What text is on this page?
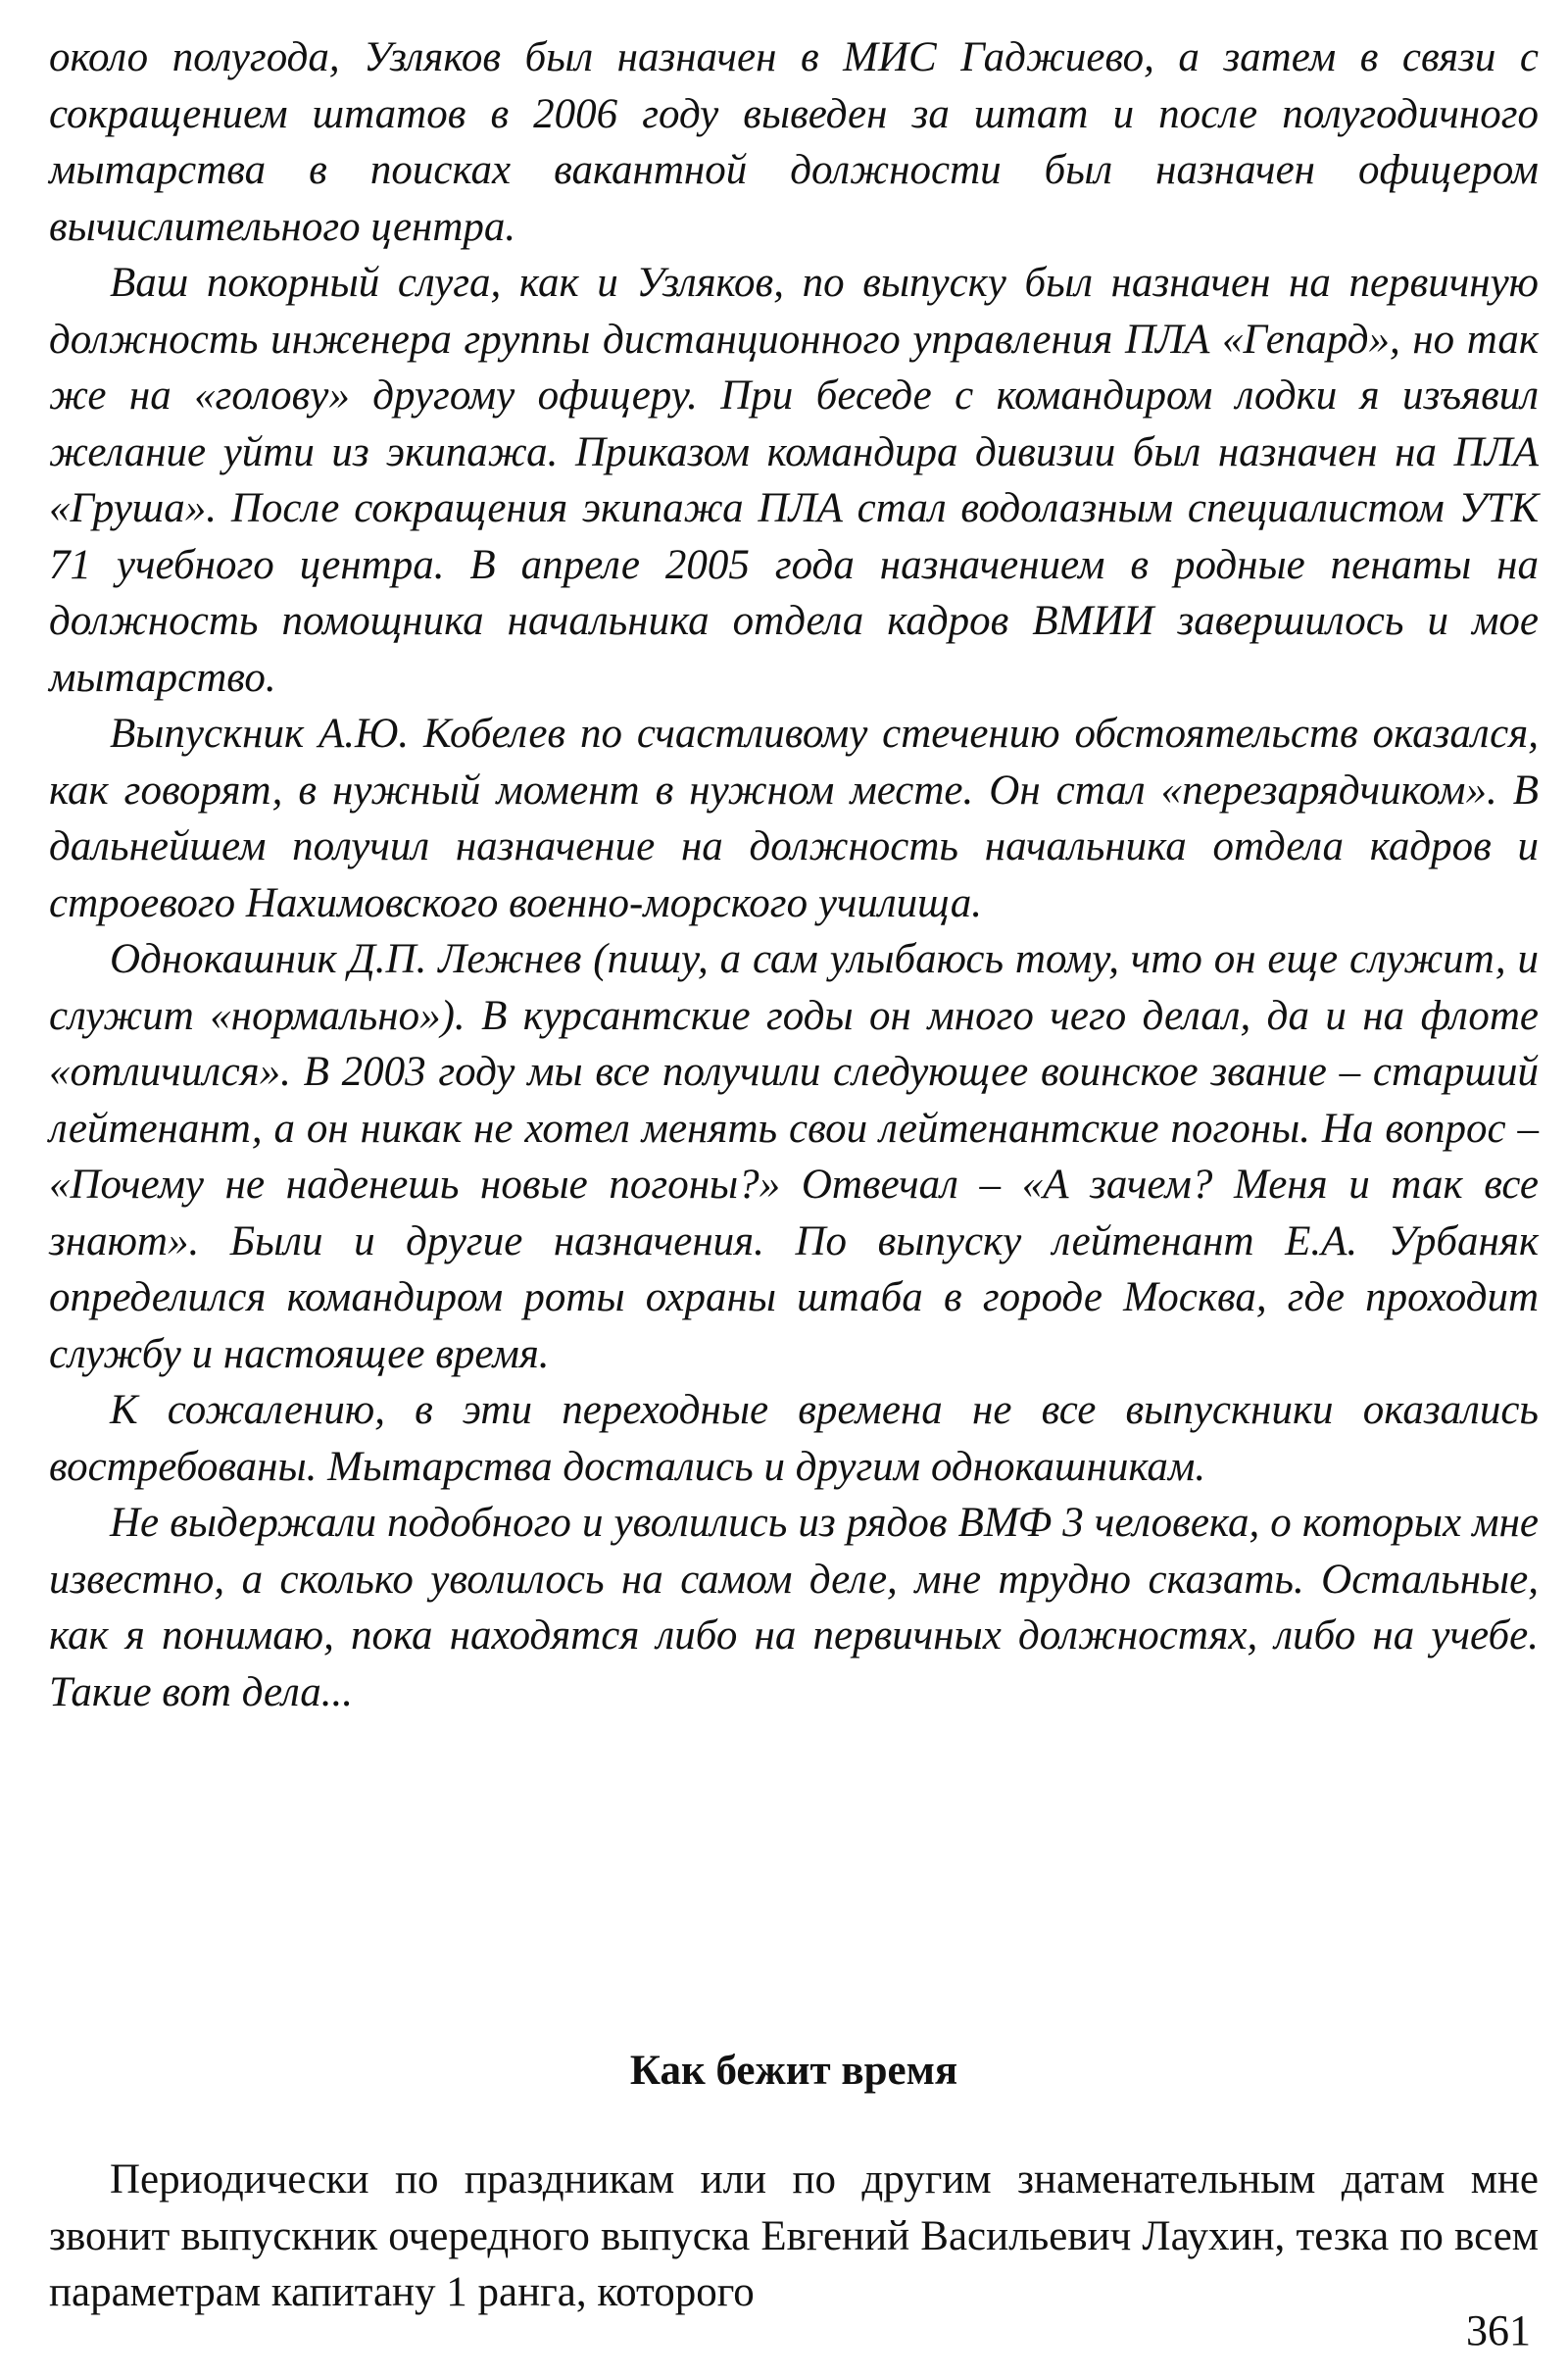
около полугода, Узляков был назначен в МИС Гаджиево, а затем в связи с сокращением штатов в 2006 году выведен за штат и после полугодичного мытарства в поисках вакантной должности был назначен офицером вычислительного центра.

Ваш покорный слуга, как и Узляков, по выпуску был назначен на первичную должность инженера группы дистанционного управления ПЛА «Гепард», но так же на «голову» другому офицеру. При беседе с командиром лодки я изъявил желание уйти из экипажа. Приказом командира дивизии был назначен на ПЛА «Груша». После сокращения экипажа ПЛА стал водолазным специалистом УТК 71 учебного центра. В апреле 2005 года назначением в родные пенаты на должность помощника начальника отдела кадров ВМИИ завершилось и мое мытарство.

Выпускник А.Ю. Кобелев по счастливому стечению обстоятельств оказался, как говорят, в нужный момент в нужном месте. Он стал «перезарядчиком». В дальнейшем получил назначение на должность начальника отдела кадров и строевого Нахимовского военно-морского училища.

Однокашник Д.П. Лежнев (пишу, а сам улыбаюсь тому, что он еще служит, и служит «нормально»). В курсантские годы он много чего делал, да и на флоте «отличился». В 2003 году мы все получили следующее воинское звание – старший лейтенант, а он никак не хотел менять свои лейтенантские погоны. На вопрос – «Почему не наденешь новые погоны?» Отвечал – «А зачем? Меня и так все знают». Были и другие назначения. По выпуску лейтенант Е.А. Урбаняк определился командиром роты охраны штаба в городе Москва, где проходит службу и настоящее время.

К сожалению, в эти переходные времена не все выпускники оказались востребованы. Мытарства достались и другим однокашникам.

Не выдержали подобного и уволились из рядов ВМФ 3 человека, о которых мне известно, а сколько уволилось на самом деле, мне трудно сказать. Остальные, как я понимаю, пока находятся либо на первичных должностях, либо на учебе. Такие вот дела...

Как бежит время

Периодически по праздникам или по другим знаменательным датам мне звонит выпускник очередного выпуска Евгений Васильевич Лаухин, тезка по всем параметрам капитану 1 ранга, которого

361
